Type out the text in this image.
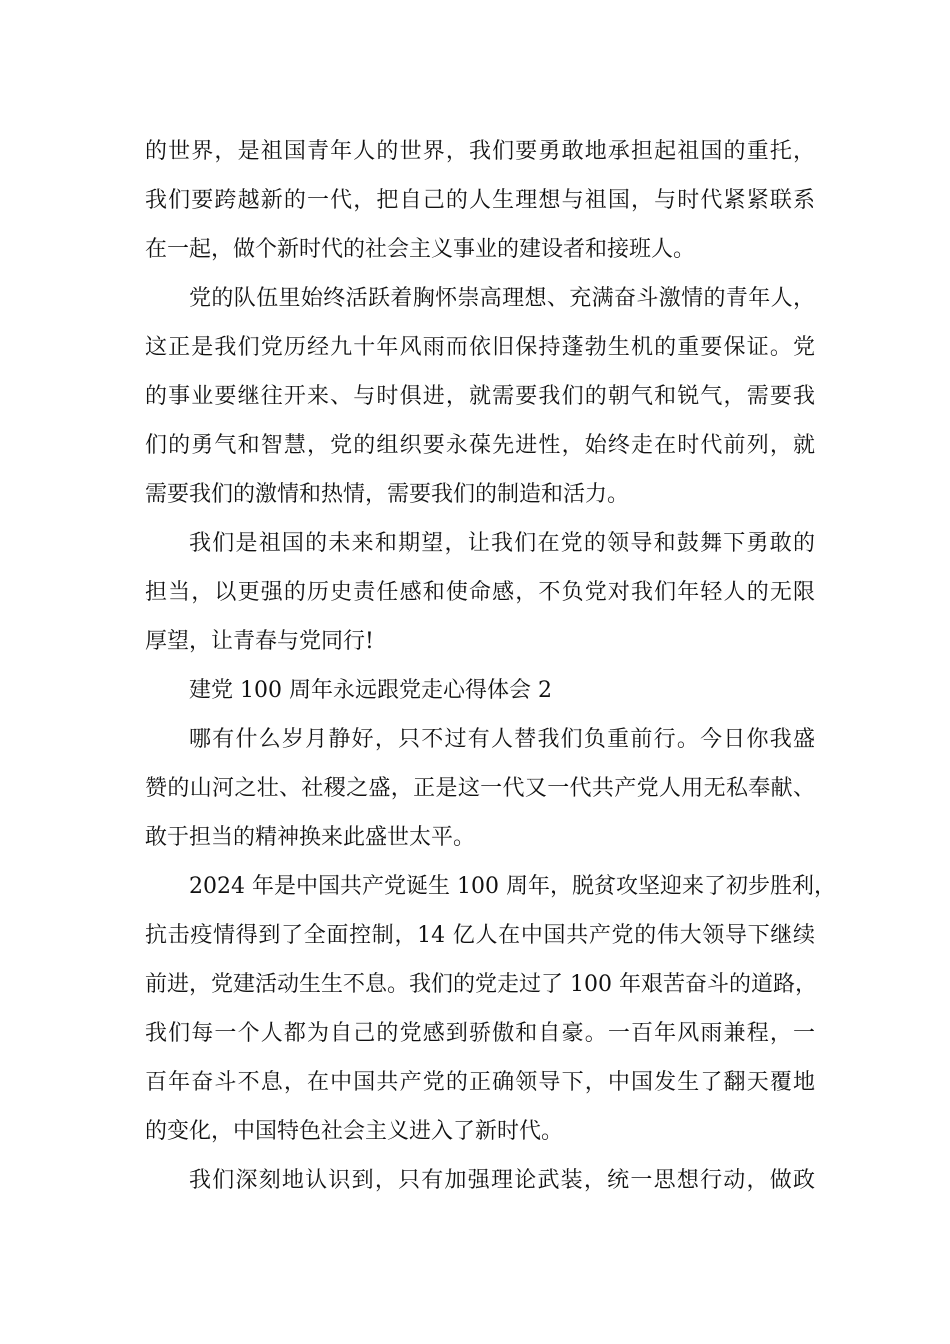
的世界，是祖国青年人的世界，我们要勇敢地承担起祖国的重托，
我们要跨越新的一代，把自己的人生理想与祖国，与时代紧紧联系
在一起，做个新时代的社会主义事业的建设者和接班人。
党的队伍里始终活跃着胸怀崇高理想、充满奋斗激情的青年人，
这正是我们党历经九十年风雨而依旧保持蓬勃生机的重要保证。党
的事业要继往开来、与时俱进，就需要我们的朝气和锐气，需要我
们的勇气和智慧，党的组织要永葆先进性，始终走在时代前列，就
需要我们的激情和热情，需要我们的制造和活力。
我们是祖国的未来和期望，让我们在党的领导和鼓舞下勇敢的
担当，以更强的历史责任感和使命感，不负党对我们年轻人的无限
厚望，让青春与党同行!
建党 100 周年永远跟党走心得体会 2
哪有什么岁月静好，只不过有人替我们负重前行。今日你我盛
赞的山河之壮、社稷之盛，正是这一代又一代共产党人用无私奉献、
敢于担当的精神换来此盛世太平。
2024 年是中国共产党诞生 100 周年，脱贫攻坚迎来了初步胜利，
抗击疫情得到了全面控制，14 亿人在中国共产党的伟大领导下继续
前进，党建活动生生不息。我们的党走过了 100 年艰苦奋斗的道路，
我们每一个人都为自己的党感到骄傲和自豪。一百年风雨兼程，一
百年奋斗不息，在中国共产党的正确领导下，中国发生了翻天覆地
的变化，中国特色社会主义进入了新时代。
我们深刻地认识到，只有加强理论武装，统一思想行动，做政
